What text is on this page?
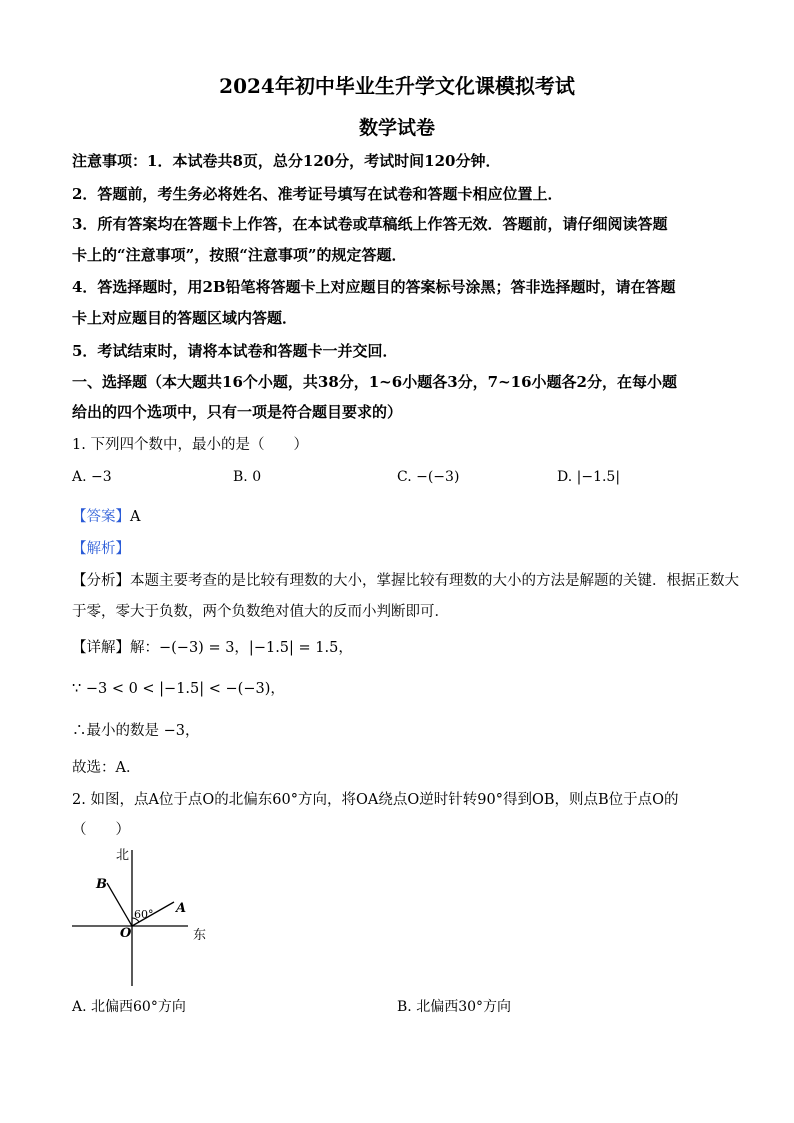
2024年初中毕业生升学文化课模拟考试
数学试卷
注意事项：1．本试卷共8页，总分120分，考试时间120分钟．
2．答题前，考生务必将姓名、准考证号填写在试卷和答题卡相应位置上．
3．所有答案均在答题卡上作答，在本试卷或草稿纸上作答无效．答题前，请仔细阅读答题
卡上的“注意事项”，按照“注意事项”的规定答题．
4．答选择题时，用2B铅笔将答题卡上对应题目的答案标号涂黑；答非选择题时，请在答题
卡上对应题目的答题区域内答题．
5．考试结束时，请将本试卷和答题卡一并交回．
一、选择题（本大题共16个小题，共38分，1~6小题各3分，7~16小题各2分，在每小题
给出的四个选项中，只有一项是符合题目要求的）
1. 下列四个数中，最小的是（　　）
A. −3	B. 0	C. −(−3)	D. |−1.5|
【答案】A
【解析】
【分析】本题主要考查的是比较有理数的大小，掌握比较有理数的大小的方法是解题的关键．根据正数大
于零，零大于负数，两个负数绝对值大的反而小判断即可．
【详解】解：−(−3) = 3，|−1.5| = 1.5，
∵ −3 < 0 < |−1.5| < −(−3)，
∴最小的数是 −3，
故选：A．
2. 如图，点A位于点O的北偏东60°方向，将OA绕点O逆时针转90°得到OB，则点B位于点O的
（　　）
北
东
B
A
O
60°
A. 北偏西60°方向	B. 北偏西30°方向
